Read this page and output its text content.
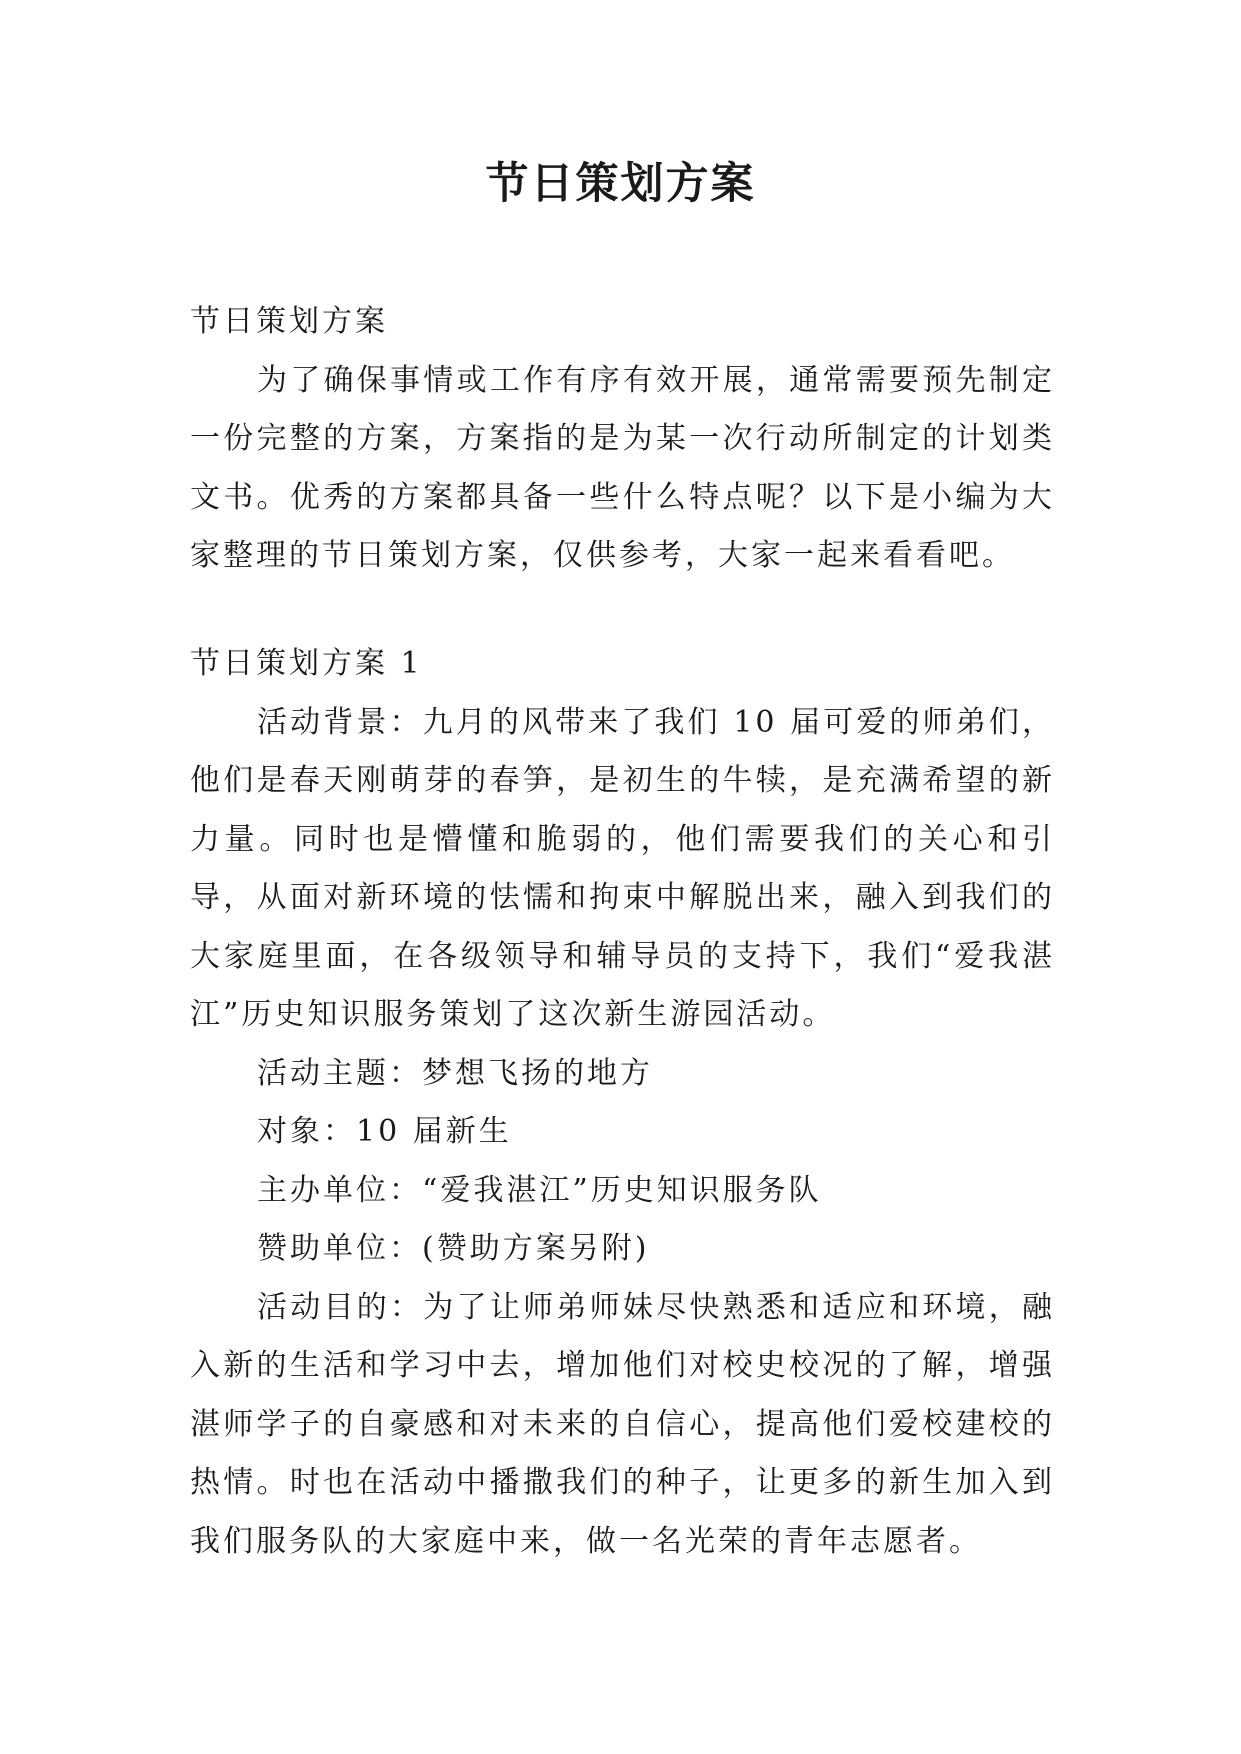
节日策划方案

节日策划方案

为了确保事情或工作有序有效开展，通常需要预先制定一份完整的方案，方案指的是为某一次行动所制定的计划类文书。优秀的方案都具备一些什么特点呢？以下是小编为大家整理的节日策划方案，仅供参考，大家一起来看看吧。

节日策划方案 1

活动背景：九月的风带来了我们 10 届可爱的师弟们，他们是春天刚萌芽的春笋，是初生的牛犊，是充满希望的新力量。同时也是懵懂和脆弱的，他们需要我们的关心和引导，从面对新环境的怯懦和拘束中解脱出来，融入到我们的大家庭里面，在各级领导和辅导员的支持下，我们“爱我湛江”历史知识服务策划了这次新生游园活动。

活动主题：梦想飞扬的地方

对象：10 届新生

主办单位：“爱我湛江”历史知识服务队

赞助单位：(赞助方案另附)

活动目的：为了让师弟师妹尽快熟悉和适应和环境，融入新的生活和学习中去，增加他们对校史校况的了解，增强湛师学子的自豪感和对未来的自信心，提高他们爱校建校的热情。时也在活动中播撒我们的种子，让更多的新生加入到我们服务队的大家庭中来，做一名光荣的青年志愿者。
